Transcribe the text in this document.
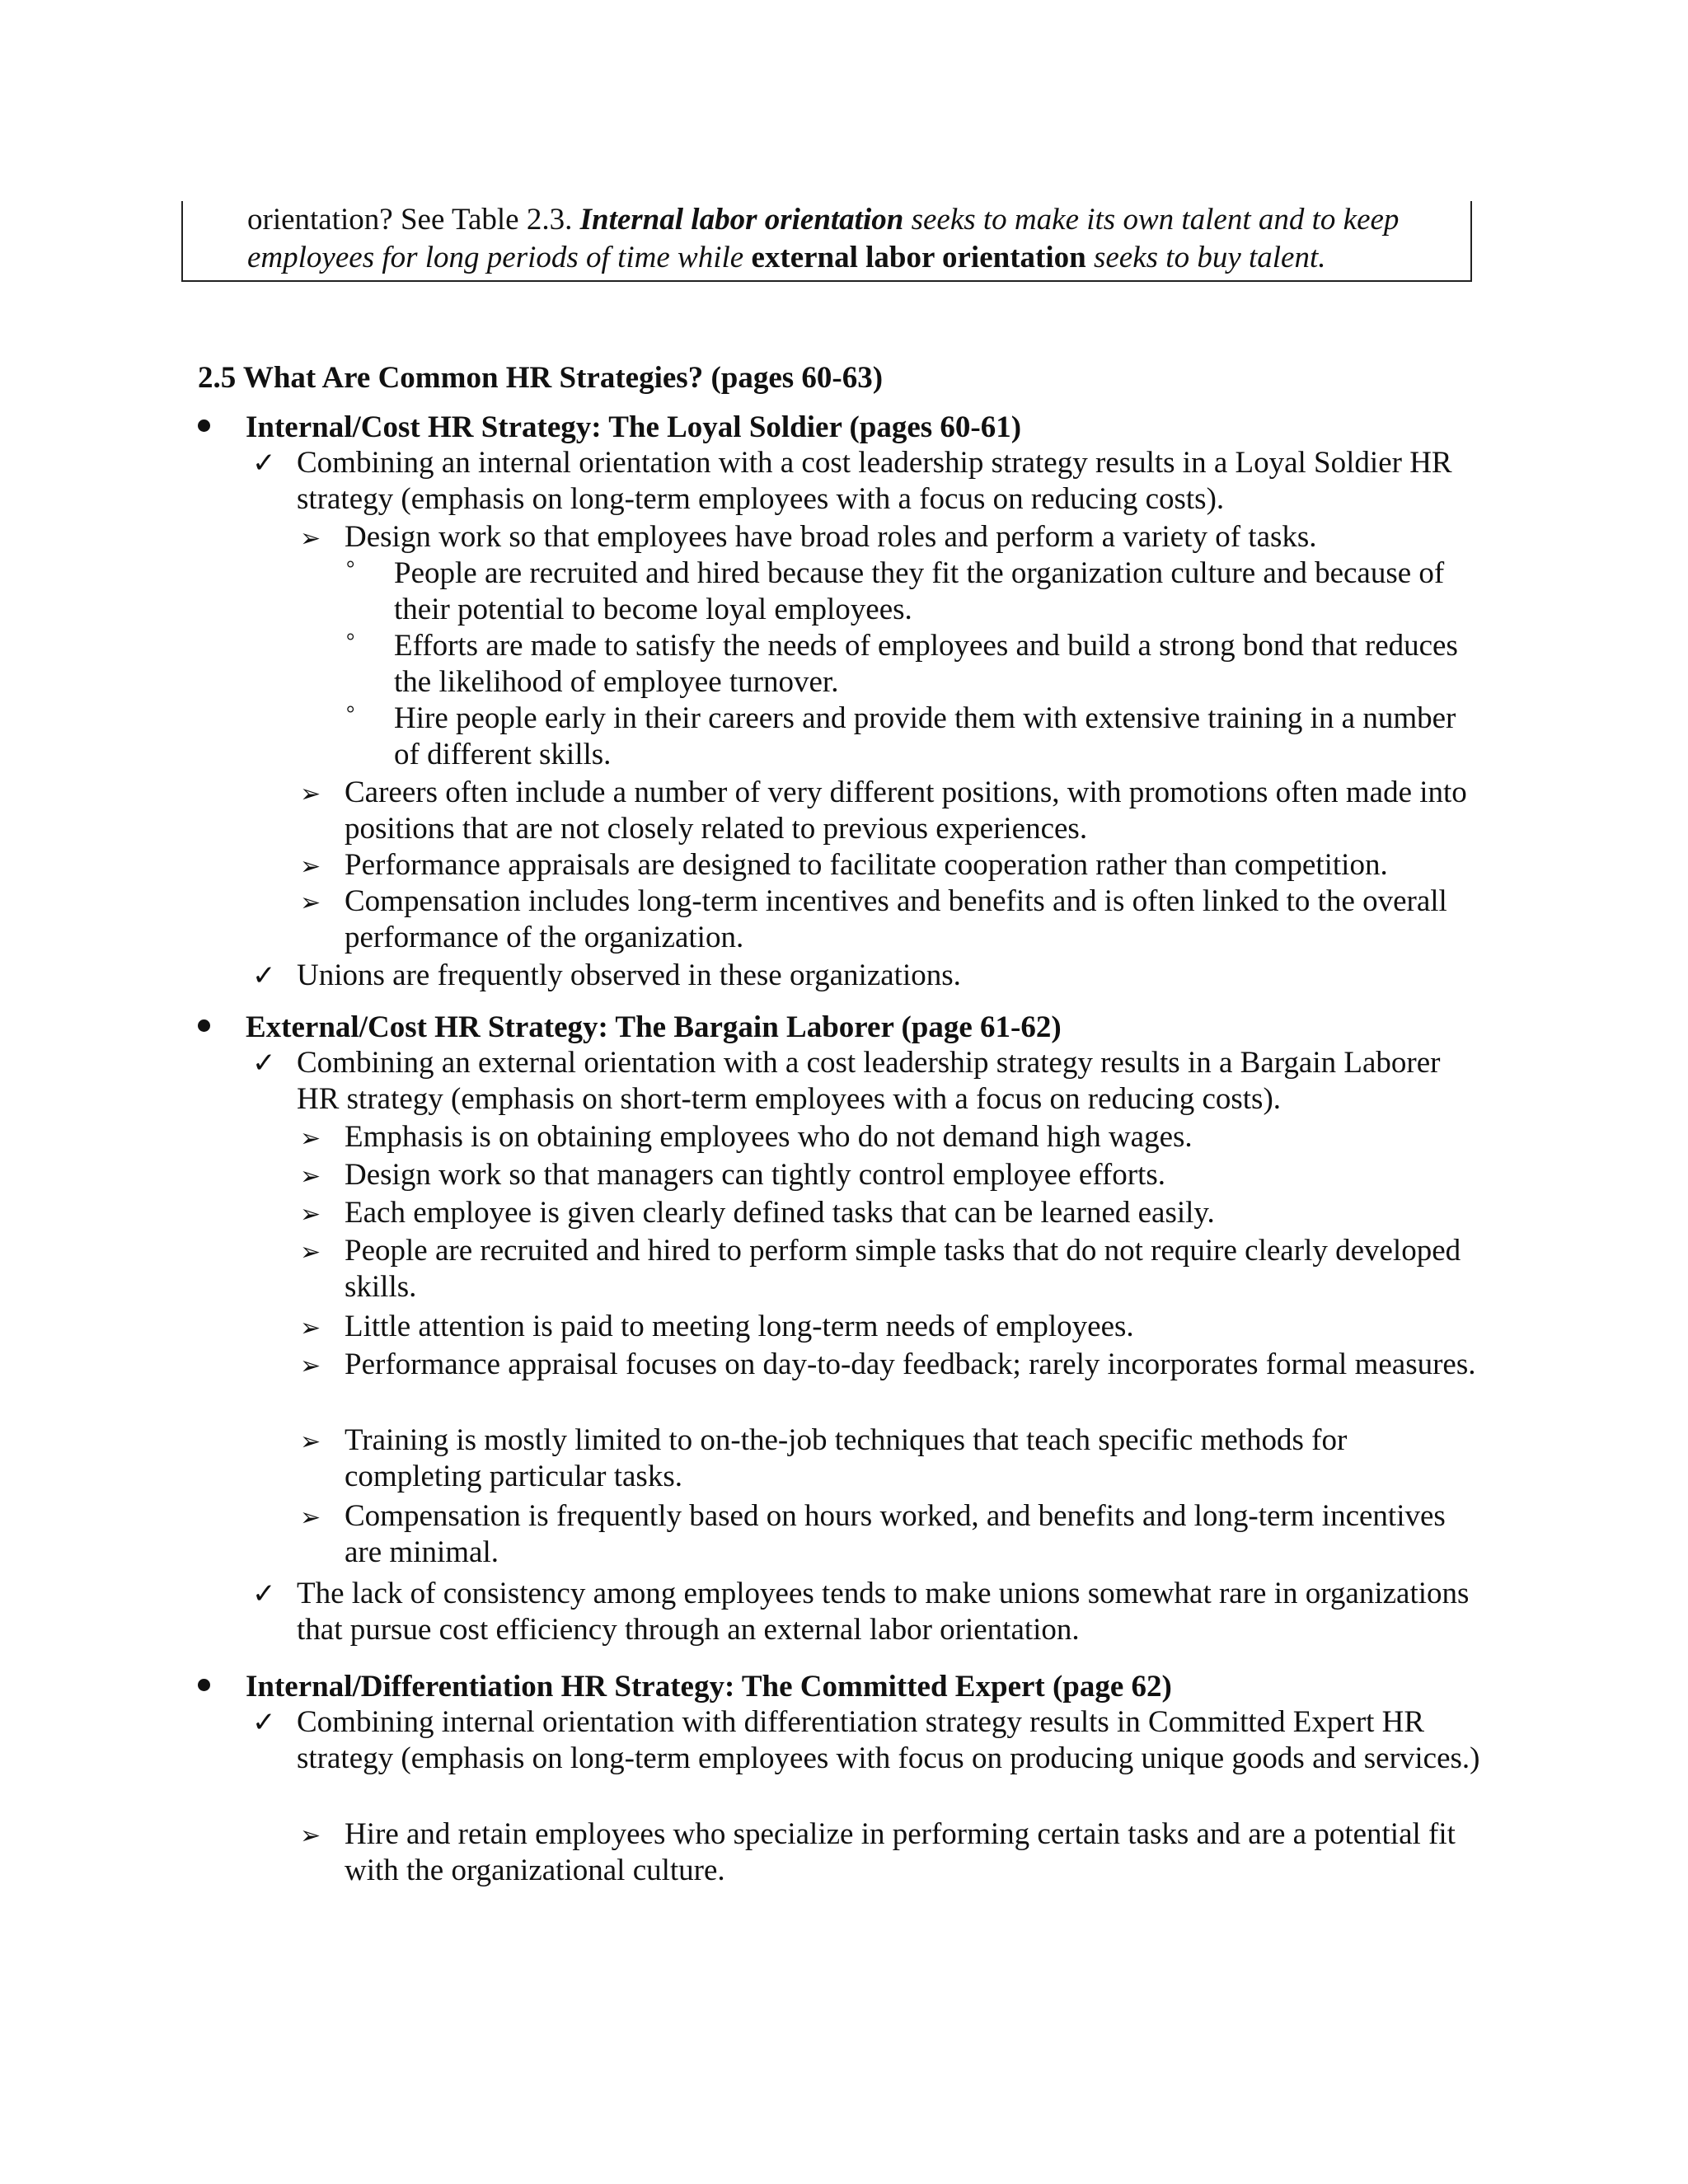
orientation? See Table 2.3. Internal labor orientation seeks to make its own talent and to keep employees for long periods of time while external labor orientation seeks to buy talent.

2.5 What Are Common HR Strategies? (pages 60-63)
Internal/Cost HR Strategy: The Loyal Soldier (pages 60-61)
✓ Combining an internal orientation with a cost leadership strategy results in a Loyal Soldier HR strategy (emphasis on long-term employees with a focus on reducing costs).
➢ Design work so that employees have broad roles and perform a variety of tasks.
° People are recruited and hired because they fit the organization culture and because of their potential to become loyal employees.
° Efforts are made to satisfy the needs of employees and build a strong bond that reduces the likelihood of employee turnover.
° Hire people early in their careers and provide them with extensive training in a number of different skills.
➢ Careers often include a number of very different positions, with promotions often made into positions that are not closely related to previous experiences.
➢ Performance appraisals are designed to facilitate cooperation rather than competition.
➢ Compensation includes long-term incentives and benefits and is often linked to the overall performance of the organization.
✓ Unions are frequently observed in these organizations.
External/Cost HR Strategy: The Bargain Laborer (page 61-62)
✓ Combining an external orientation with a cost leadership strategy results in a Bargain Laborer HR strategy (emphasis on short-term employees with a focus on reducing costs).
➢ Emphasis is on obtaining employees who do not demand high wages.
➢ Design work so that managers can tightly control employee efforts.
➢ Each employee is given clearly defined tasks that can be learned easily.
➢ People are recruited and hired to perform simple tasks that do not require clearly developed skills.
➢ Little attention is paid to meeting long-term needs of employees.
➢ Performance appraisal focuses on day-to-day feedback; rarely incorporates formal measures.
➢ Training is mostly limited to on-the-job techniques that teach specific methods for completing particular tasks.
➢ Compensation is frequently based on hours worked, and benefits and long-term incentives are minimal.
✓ The lack of consistency among employees tends to make unions somewhat rare in organizations that pursue cost efficiency through an external labor orientation.
Internal/Differentiation HR Strategy: The Committed Expert (page 62)
✓ Combining internal orientation with differentiation strategy results in Committed Expert HR strategy (emphasis on long-term employees with focus on producing unique goods and services.)
➢ Hire and retain employees who specialize in performing certain tasks and are a potential fit with the organizational culture.
